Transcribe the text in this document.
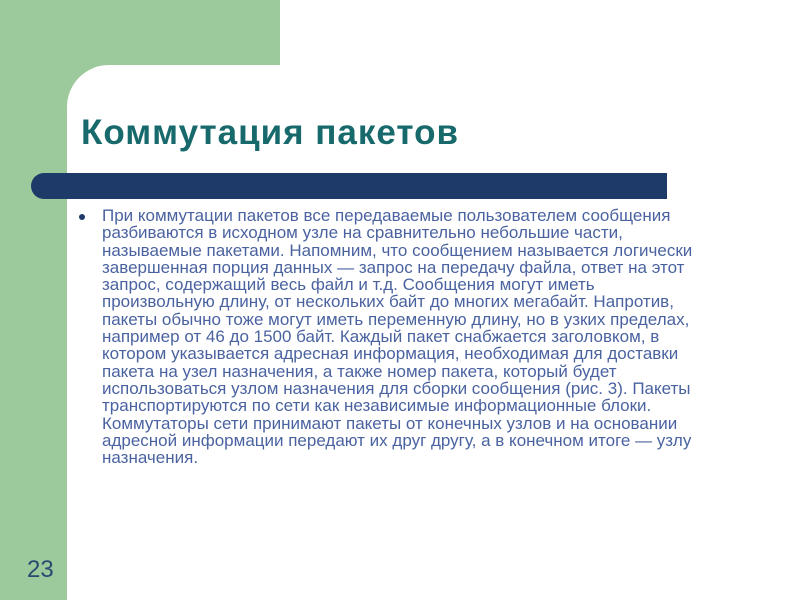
Коммутация пакетов
При коммутации пакетов все передаваемые пользователем сообщения
разбиваются в исходном узле на сравнительно небольшие части,
называемые пакетами. Напомним, что сообщением называется логически
завершенная порция данных — запрос на передачу файла, ответ на этот
запрос, содержащий весь файл и т.д. Сообщения могут иметь
произвольную длину, от нескольких байт до многих мегабайт. Напротив,
пакеты обычно тоже могут иметь переменную длину, но в узких пределах,
например от 46 до 1500 байт. Каждый пакет снабжается заголовком, в
котором указывается адресная информация, необходимая для доставки
пакета на узел назначения, а также номер пакета, который будет
использоваться узлом назначения для сборки сообщения (рис. 3). Пакеты
транспортируются по сети как независимые информационные блоки.
Коммутаторы сети принимают пакеты от конечных узлов и на основании
адресной информации передают их друг другу, а в конечном итоге — узлу
назначения.
23
